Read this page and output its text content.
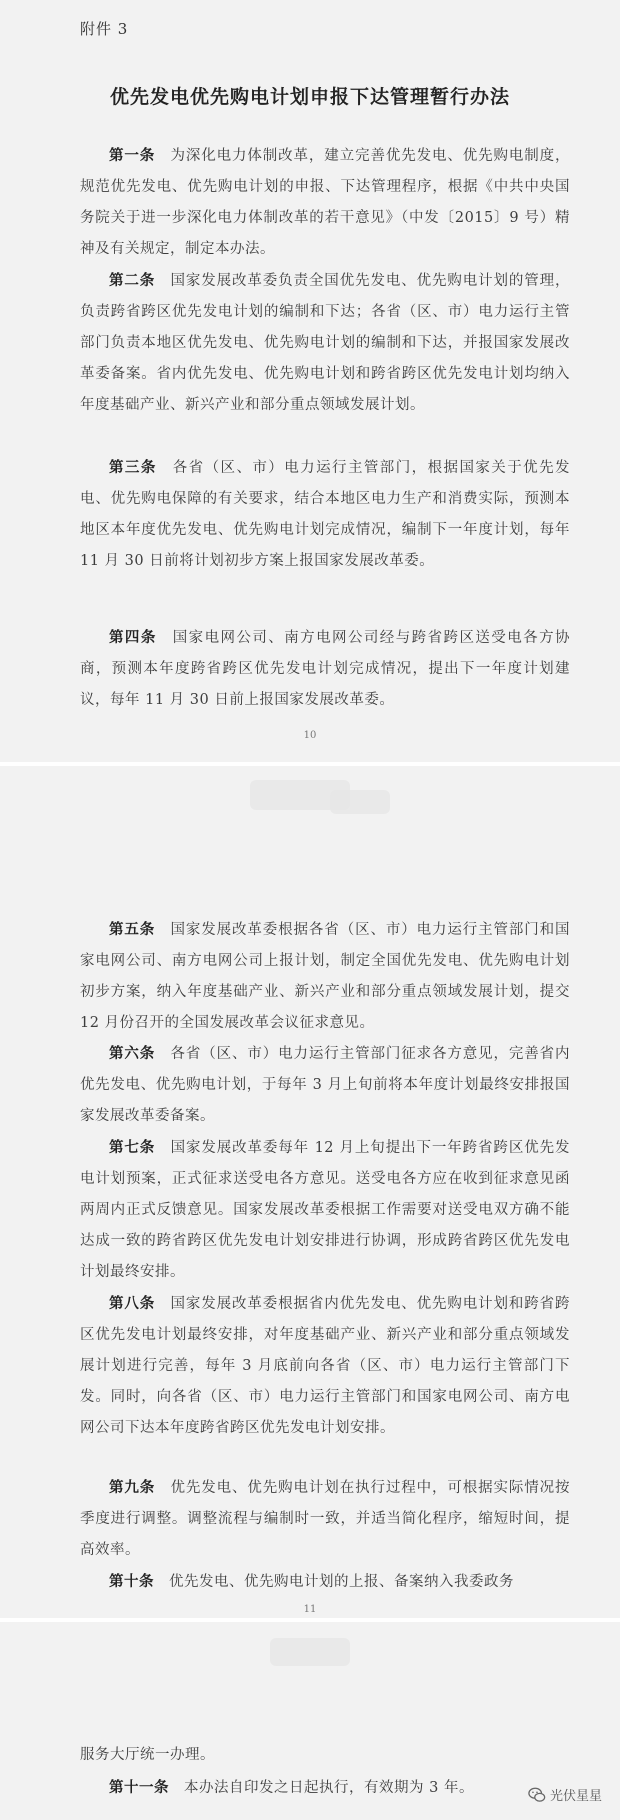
附件 3
优先发电优先购电计划申报下达管理暂行办法

第一条  为深化电力体制改革，建立完善优先发电、优先购电制度，规范优先发电、优先购电计划的申报、下达管理程序，根据《中共中央国务院关于进一步深化电力体制改革的若干意见》（中发〔2015〕9 号）精神及有关规定，制定本办法。

第二条  国家发展改革委负责全国优先发电、优先购电计划的管理，负责跨省跨区优先发电计划的编制和下达；各省（区、市）电力运行主管部门负责本地区优先发电、优先购电计划的编制和下达，并报国家发展改革委备案。省内优先发电、优先购电计划和跨省跨区优先发电计划均纳入年度基础产业、新兴产业和部分重点领域发展计划。

第三条  各省（区、市）电力运行主管部门，根据国家关于优先发电、优先购电保障的有关要求，结合本地区电力生产和消费实际，预测本地区本年度优先发电、优先购电计划完成情况，编制下一年度计划，每年 11 月 30 日前将计划初步方案上报国家发展改革委。

第四条  国家电网公司、南方电网公司经与跨省跨区送受电各方协商，预测本年度跨省跨区优先发电计划完成情况，提出下一年度计划建议，每年 11 月 30 日前上报国家发展改革委。

10

第五条  国家发展改革委根据各省（区、市）电力运行主管部门和国家电网公司、南方电网公司上报计划，制定全国优先发电、优先购电计划初步方案，纳入年度基础产业、新兴产业和部分重点领域发展计划，提交 12 月份召开的全国发展改革会议征求意见。

第六条  各省（区、市）电力运行主管部门征求各方意见，完善省内优先发电、优先购电计划，于每年 3 月上旬前将本年度计划最终安排报国家发展改革委备案。

第七条  国家发展改革委每年 12 月上旬提出下一年跨省跨区优先发电计划预案，正式征求送受电各方意见。送受电各方应在收到征求意见函两周内正式反馈意见。国家发展改革委根据工作需要对送受电双方确不能达成一致的跨省跨区优先发电计划安排进行协调，形成跨省跨区优先发电计划最终安排。

第八条  国家发展改革委根据省内优先发电、优先购电计划和跨省跨区优先发电计划最终安排，对年度基础产业、新兴产业和部分重点领域发展计划进行完善，每年 3 月底前向各省（区、市）电力运行主管部门下发。同时，向各省（区、市）电力运行主管部门和国家电网公司、南方电网公司下达本年度跨省跨区优先发电计划安排。

第九条  优先发电、优先购电计划在执行过程中，可根据实际情况按季度进行调整。调整流程与编制时一致，并适当简化程序，缩短时间，提高效率。

第十条  优先发电、优先购电计划的上报、备案纳入我委政务

11

服务大厅统一办理。

第十一条  本办法自印发之日起执行，有效期为 3 年。

光伏星星
